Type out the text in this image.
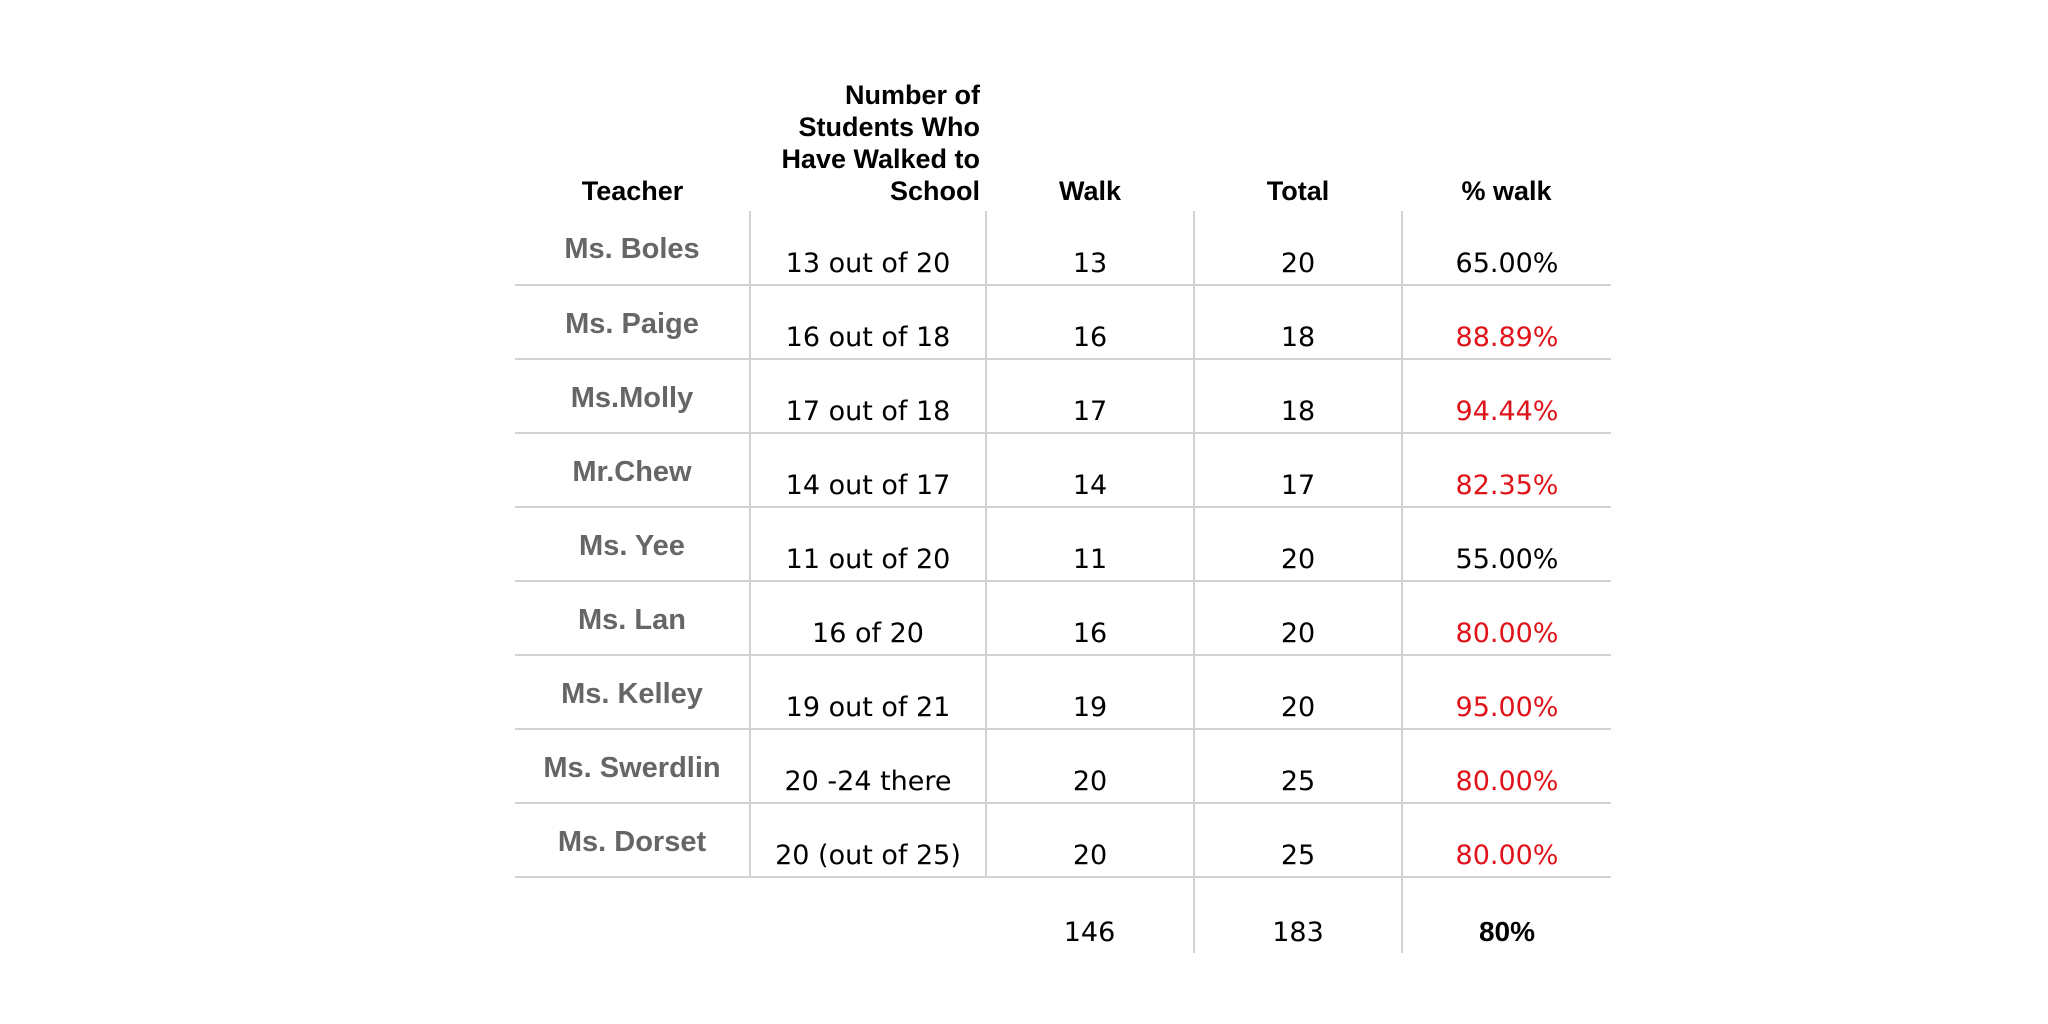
Teacher	Number of
Students Who
Have Walked to
School	Walk	Total	% walk
Ms. Boles	13 out of 20	13	20	65.00%
Ms. Paige	16 out of 18	16	18	88.89%
Ms.Molly	17 out of 18	17	18	94.44%
Mr.Chew	14 out of 17	14	17	82.35%
Ms. Yee	11 out of 20	11	20	55.00%
Ms. Lan	16 of 20	16	20	80.00%
Ms. Kelley	19 out of 21	19	20	95.00%
Ms. Swerdlin	20 -24 there	20	25	80.00%
Ms. Dorset	20 (out of 25)	20	25	80.00%
		146	183	80%
